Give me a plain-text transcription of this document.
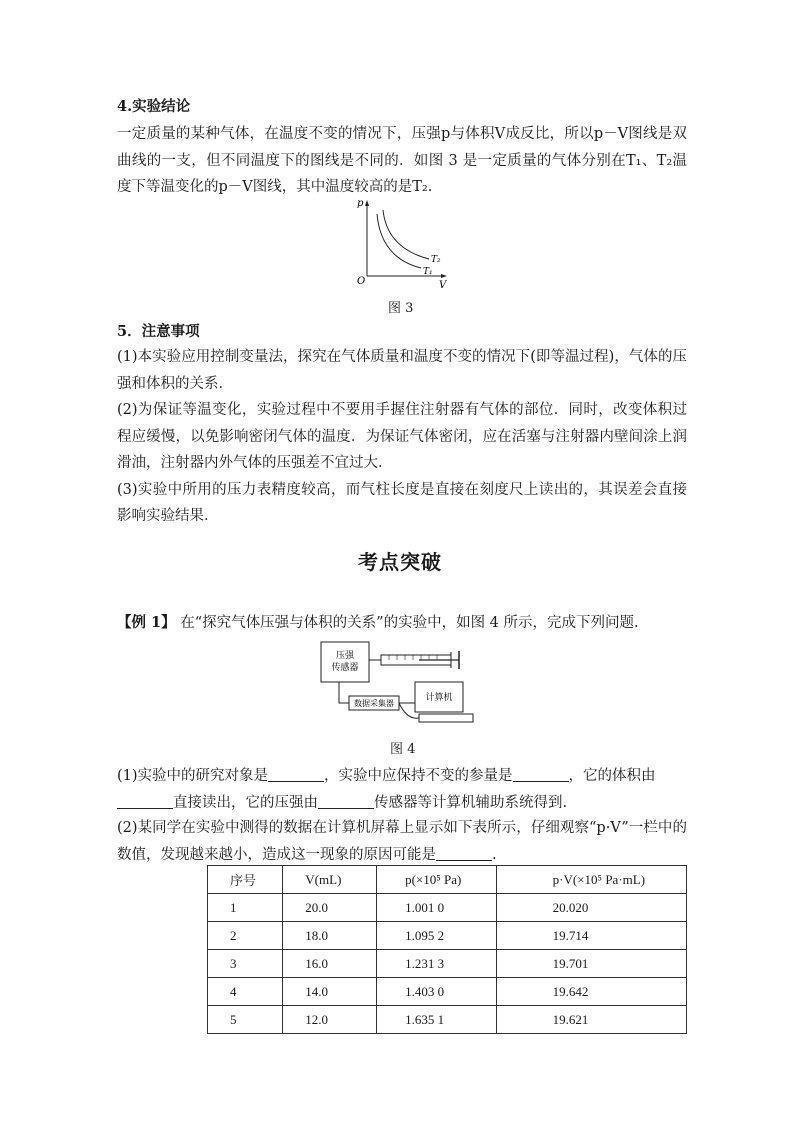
4.实验结论

一定质量的某种气体，在温度不变的情况下，压强p与体积V成反比，所以p－V图线是双曲线的一支，但不同温度下的图线是不同的．如图 3 是一定质量的气体分别在T₁、T₂温度下等温变化的p－V图线，其中温度较高的是T₂.

p
V
O
T₁
T₂
图 3
5．注意事项

(1)本实验应用控制变量法，探究在气体质量和温度不变的情况下(即等温过程)，气体的压强和体积的关系．

(2)为保证等温变化，实验过程中不要用手握住注射器有气体的部位．同时，改变体积过程应缓慢，以免影响密闭气体的温度．为保证气体密闭，应在活塞与注射器内壁间涂上润滑油，注射器内外气体的压强差不宜过大．

(3)实验中所用的压力表精度较高，而气柱长度是直接在刻度尺上读出的，其误差会直接影响实验结果．

考点突破

【例 1】 在“探究气体压强与体积的关系”的实验中，如图 4 所示，完成下列问题.

压强
传感器
数据采集器
计算机
图 4

(1)实验中的研究对象是	，实验中应保持不变的参量是	，它的体积由
直接读出，它的压强由	传感器等计算机辅助系统得到.

(2)某同学在实验中测得的数据在计算机屏幕上显示如下表所示，仔细观察“p·V”一栏中的数值，发现越来越小，造成这一现象的原因可能是	.

序号	V(mL)	p(×10⁵ Pa)	p·V(×10⁵ Pa·mL)
1	20.0	1.001 0	20.020
2	18.0	1.095 2	19.714
3	16.0	1.231 3	19.701
4	14.0	1.403 0	19.642
5	12.0	1.635 1	19.621
